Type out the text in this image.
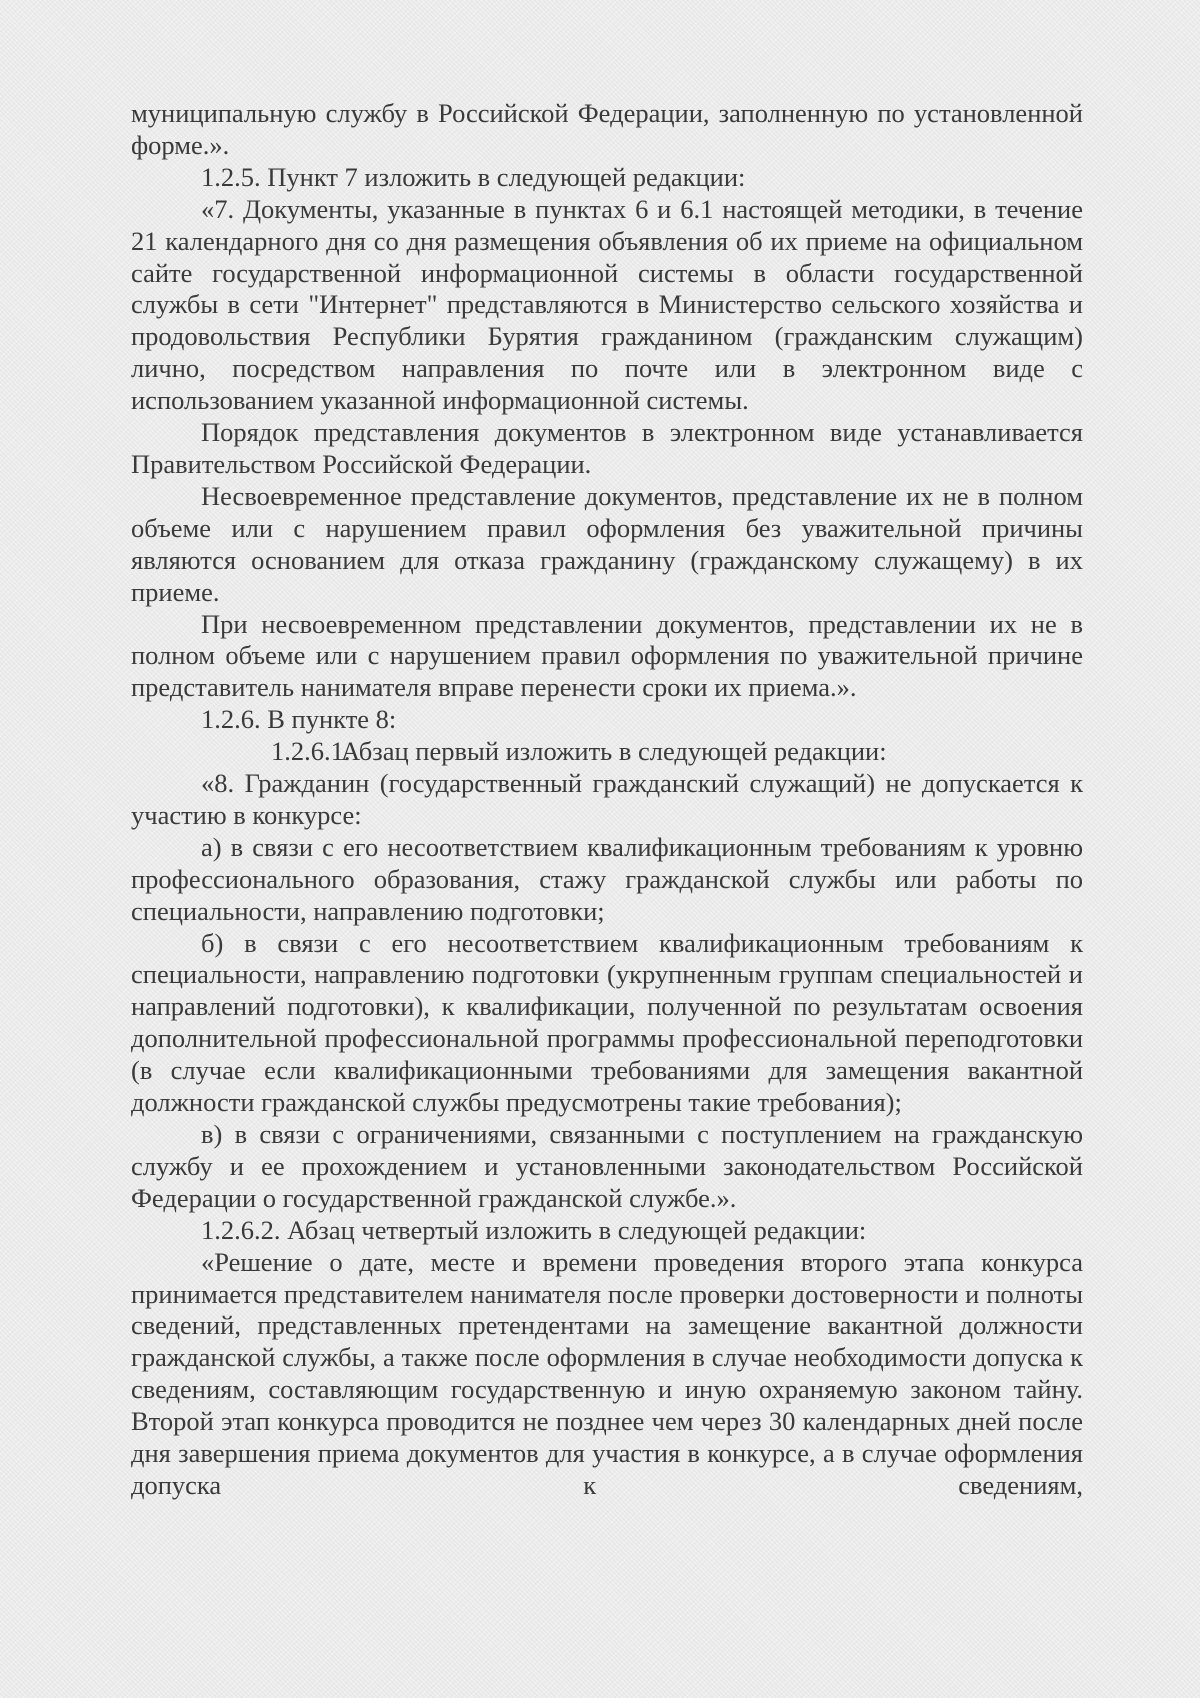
муниципальную службу в Российской Федерации, заполненную по установленной форме.».

1.2.5. Пункт 7 изложить в следующей редакции:

«7. Документы, указанные в пунктах 6 и 6.1 настоящей методики, в течение 21 календарного дня со дня размещения объявления об их приеме на официальном сайте государственной информационной системы в области государственной службы в сети "Интернет" представляются в Министерство сельского хозяйства и продовольствия Республики Бурятия гражданином (гражданским служащим) лично, посредством направления по почте или в электронном виде с использованием указанной информационной системы.

Порядок представления документов в электронном виде устанавливается Правительством Российской Федерации.

Несвоевременное представление документов, представление их не в полном объеме или с нарушением правил оформления без уважительной причины являются основанием для отказа гражданину (гражданскому служащему) в их приеме.

При несвоевременном представлении документов, представлении их не в полном объеме или с нарушением правил оформления по уважительной причине представитель нанимателя вправе перенести сроки их приема.».

1.2.6. В пункте 8:

1.2.6.1.Абзац первый изложить в следующей редакции:

«8. Гражданин (государственный гражданский служащий) не допускается к участию в конкурсе:

а) в связи с его несоответствием квалификационным требованиям к уровню профессионального образования, стажу гражданской службы или работы по специальности, направлению подготовки;

б) в связи с его несоответствием квалификационным требованиям к специальности, направлению подготовки (укрупненным группам специальностей и направлений подготовки), к квалификации, полученной по результатам освоения дополнительной профессиональной программы профессиональной переподготовки (в случае если квалификационными требованиями для замещения вакантной должности гражданской службы предусмотрены такие требования);

в) в связи с ограничениями, связанными с поступлением на гражданскую службу и ее прохождением и установленными законодательством Российской Федерации о государственной гражданской службе.».

1.2.6.2. Абзац четвертый изложить в следующей редакции:

«Решение о дате, месте и времени проведения второго этапа конкурса принимается представителем нанимателя после проверки достоверности и полноты сведений, представленных претендентами на замещение вакантной должности гражданской службы, а также после оформления в случае необходимости допуска к сведениям, составляющим государственную и иную охраняемую законом тайну. Второй этап конкурса проводится не позднее чем через 30 календарных дней после дня завершения приема документов для участия в конкурсе, а в случае оформления допуска к сведениям,
